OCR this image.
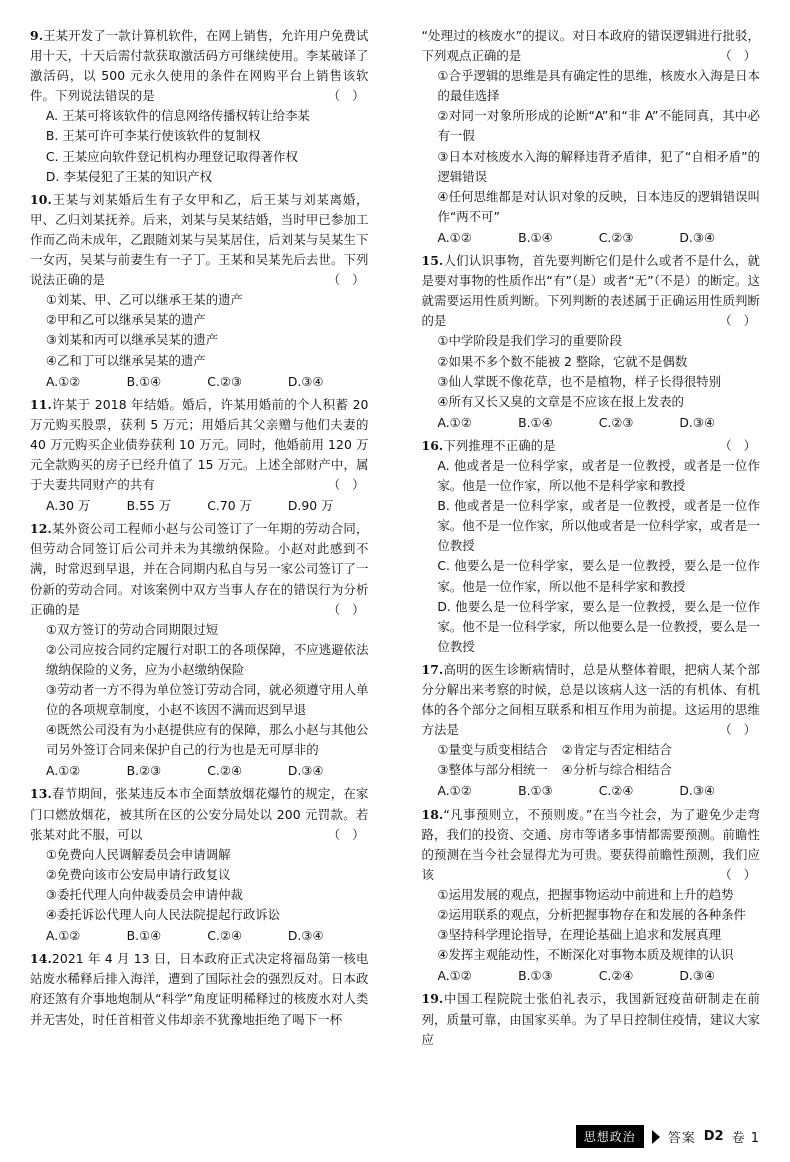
9.王某开发了一款计算机软件，在网上销售，允许用户免费试用十天，十天后需付款获取激活码方可继续使用。李某破译了激活码，以 500 元永久使用的条件在网购平台上销售该软件。下列说法错误的是	（ ）
A. 王某可将该软件的信息网络传播权转让给李某
B. 王某可许可李某行使该软件的复制权
C. 王某应向软件登记机构办理登记取得著作权
D. 李某侵犯了王某的知识产权
10.王某与刘某婚后生有子女甲和乙，后王某与刘某离婚，甲、乙归刘某抚养。后来，刘某与吴某结婚，当时甲已参加工作而乙尚未成年，乙跟随刘某与吴某居住，后刘某与吴某生下一女丙，吴某与前妻生有一子丁。王某和吴某先后去世。下列说法正确的是	（ ）
①刘某、甲、乙可以继承王某的遗产
②甲和乙可以继承吴某的遗产
③刘某和丙可以继承吴某的遗产
④乙和丁可以继承吴某的遗产
A.①②	B.①④	C.②③	D.③④
11.许某于 2018 年结婚。婚后，许某用婚前的个人积蓄 20 万元购买股票，获利 5 万元；用婚后其父亲赠与他们夫妻的 40 万元购买企业债券获利 10 万元。同时，他婚前用 120 万元全款购买的房子已经升值了 15 万元。上述全部财产中，属于夫妻共同财产的共有	（ ）
A.30 万	B.55 万	C.70 万	D.90 万
12.某外资公司工程师小赵与公司签订了一年期的劳动合同，但劳动合同签订后公司并未为其缴纳保险。小赵对此感到不满，时常迟到早退，并在合同期内私自与另一家公司签订了一份新的劳动合同。对该案例中双方当事人存在的错误行为分析正确的是	（ ）
①双方签订的劳动合同期限过短
②公司应按合同约定履行对职工的各项保障，不应逃避依法缴纳保险的义务，应为小赵缴纳保险
③劳动者一方不得为单位签订劳动合同，就必须遵守用人单位的各项规章制度，小赵不该因不满而迟到早退
④既然公司没有为小赵提供应有的保障，那么小赵与其他公司另外签订合同来保护自己的行为也是无可厚非的
A.①②	B.②③	C.②④	D.③④
13.春节期间，张某违反本市全面禁放烟花爆竹的规定，在家门口燃放烟花，被其所在区的公安分局处以 200 元罚款。若张某对此不服，可以	（ ）
①免费向人民调解委员会申请调解
②免费向该市公安局申请行政复议
③委托代理人向仲裁委员会申请仲裁
④委托诉讼代理人向人民法院提起行政诉讼
A.①②	B.①④	C.②④	D.③④
14.2021 年 4 月 13 日，日本政府正式决定将福岛第一核电站废水稀释后排入海洋，遭到了国际社会的强烈反对。日本政府还煞有介事地炮制从“科学”角度证明稀释过的核废水对人类并无害处，时任首相菅义伟却亲不犹豫地拒绝了喝下一杯
“处理过的核废水”的提议。对日本政府的错误逻辑进行批驳，下列观点正确的是	（ ）
①合乎逻辑的思维是具有确定性的思维，核废水入海是日本的最佳选择
②对同一对象所形成的论断“A”和“非 A”不能同真，其中必有一假
③日本对核废水入海的解释违背矛盾律，犯了“自相矛盾”的逻辑错误
④任何思维都是对认识对象的反映，日本违反的逻辑错误叫作“两不可”
A.①②	B.①④	C.②③	D.③④
15.人们认识事物，首先要判断它们是什么或者不是什么，就是要对事物的性质作出“有”（是）或者“无”（不是）的断定。这就需要运用性质判断。下列判断的表述属于正确运用性质判断的是	（ ）
①中学阶段是我们学习的重要阶段
②如果不多个数不能被 2 整除，它就不是偶数
③仙人掌既不像花草，也不是植物，样子长得很特别
④所有又长又臭的文章是不应该在报上发表的
A.①②	B.①④	C.②③	D.③④
16.下列推理不正确的是	（ ）
A. 他或者是一位科学家，或者是一位教授，或者是一位作家。他是一位作家，所以他不是科学家和教授
B. 他或者是一位科学家，或者是一位教授，或者是一位作家。他不是一位作家，所以他或者是一位科学家，或者是一位教授
C. 他要么是一位科学家，要么是一位教授，要么是一位作家。他是一位作家，所以他不是科学家和教授
D. 他要么是一位科学家，要么是一位教授，要么是一位作家。他不是一位科学家，所以他要么是一位教授，要么是一位教授
17.高明的医生诊断病情时，总是从整体着眼，把病人某个部分分解出来考察的时候，总是以该病人这一活的有机体、有机体的各个部分之间相互联系和相互作用为前提。这运用的思维方法是	（ ）
①量变与质变相结合 ②肯定与否定相结合
③整体与部分相统一 ④分析与综合相结合
A.①②	B.①③	C.②④	D.③④
18.“凡事预则立，不预则废。”在当今社会，为了避免少走弯路，我们的投资、交通、房市等诸多事情都需要预测。前瞻性的预测在当今社会显得尤为可贵。要获得前瞻性预测，我们应该	（ ）
①运用发展的观点，把握事物运动中前进和上升的趋势
②运用联系的观点，分析把握事物存在和发展的各种条件
③坚持科学理论指导，在理论基础上追求和发展真理
④发挥主观能动性，不断深化对事物本质及规律的认识
A.①②	B.①③	C.②④	D.③④
19.中国工程院院士张伯礼表示，我国新冠疫苗研制走在前列，质量可靠，由国家买单。为了早日控制住疫情，建议大家应
思想政治	答案 D2 卷 1
